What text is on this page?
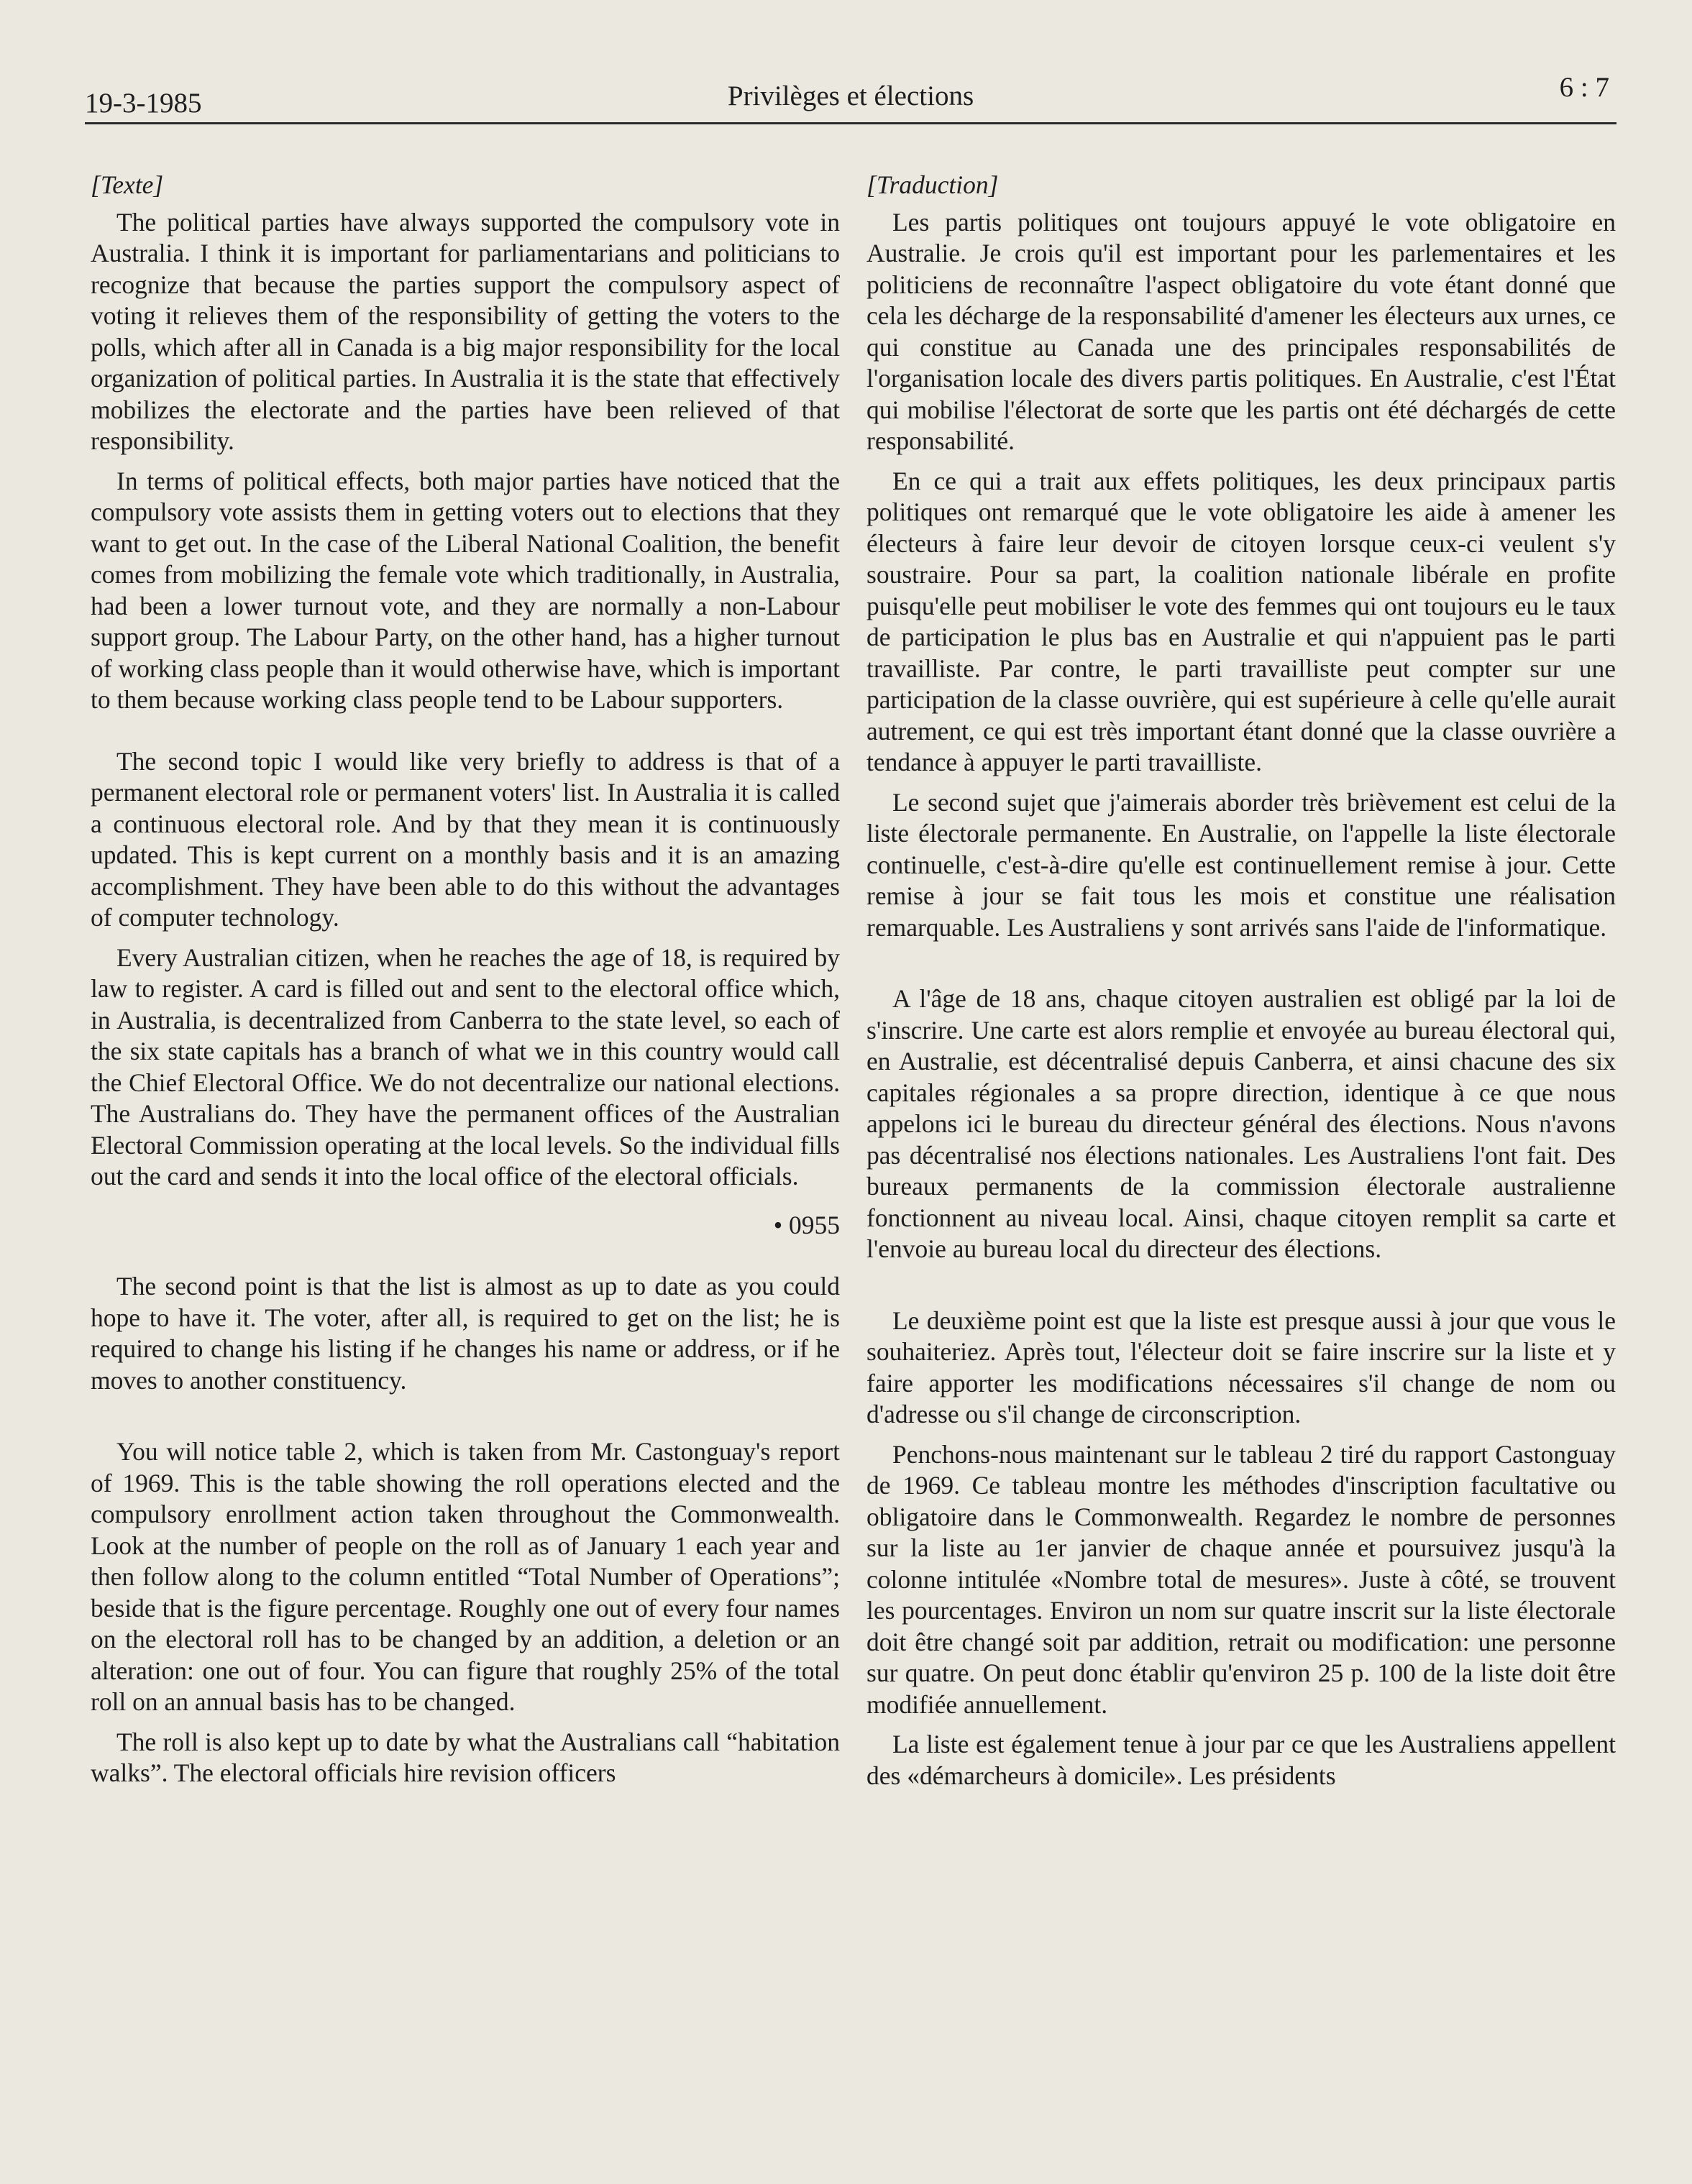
19-3-1985	Privilèges et élections	6 : 7
[Texte]

The political parties have always supported the compulsory vote in Australia. I think it is important for parliamentarians and politicians to recognize that because the parties support the compulsory aspect of voting it relieves them of the responsibility of getting the voters to the polls, which after all in Canada is a big major responsibility for the local organization of political parties. In Australia it is the state that effectively mobilizes the electorate and the parties have been relieved of that responsibility.

In terms of political effects, both major parties have noticed that the compulsory vote assists them in getting voters out to elections that they want to get out. In the case of the Liberal National Coalition, the benefit comes from mobilizing the female vote which traditionally, in Australia, had been a lower turnout vote, and they are normally a non-Labour support group. The Labour Party, on the other hand, has a higher turnout of working class people than it would otherwise have, which is important to them because working class people tend to be Labour supporters.

The second topic I would like very briefly to address is that of a permanent electoral role or permanent voters' list. In Australia it is called a continuous electoral role. And by that they mean it is continuously updated. This is kept current on a monthly basis and it is an amazing accomplishment. They have been able to do this without the advantages of computer technology.

Every Australian citizen, when he reaches the age of 18, is required by law to register. A card is filled out and sent to the electoral office which, in Australia, is decentralized from Canberra to the state level, so each of the six state capitals has a branch of what we in this country would call the Chief Electoral Office. We do not decentralize our national elections. The Australians do. They have the permanent offices of the Australian Electoral Commission operating at the local levels. So the individual fills out the card and sends it into the local office of the electoral officials.

• 0955

The second point is that the list is almost as up to date as you could hope to have it. The voter, after all, is required to get on the list; he is required to change his listing if he changes his name or address, or if he moves to another constituency.

You will notice table 2, which is taken from Mr. Castonguay's report of 1969. This is the table showing the roll operations elected and the compulsory enrollment action taken throughout the Commonwealth. Look at the number of people on the roll as of January 1 each year and then follow along to the column entitled “Total Number of Operations”; beside that is the figure percentage. Roughly one out of every four names on the electoral roll has to be changed by an addition, a deletion or an alteration: one out of four. You can figure that roughly 25% of the total roll on an annual basis has to be changed.

The roll is also kept up to date by what the Australians call “habitation walks”. The electoral officials hire revision officers

[Traduction]

Les partis politiques ont toujours appuyé le vote obligatoire en Australie. Je crois qu'il est important pour les parlementaires et les politiciens de reconnaître l'aspect obligatoire du vote étant donné que cela les décharge de la responsabilité d'amener les électeurs aux urnes, ce qui constitue au Canada une des principales responsabilités de l'organisation locale des divers partis politiques. En Australie, c'est l'État qui mobilise l'électorat de sorte que les partis ont été déchargés de cette responsabilité.

En ce qui a trait aux effets politiques, les deux principaux partis politiques ont remarqué que le vote obligatoire les aide à amener les électeurs à faire leur devoir de citoyen lorsque ceux-ci veulent s'y soustraire. Pour sa part, la coalition nationale libérale en profite puisqu'elle peut mobiliser le vote des femmes qui ont toujours eu le taux de participation le plus bas en Australie et qui n'appuient pas le parti travailliste. Par contre, le parti travailliste peut compter sur une participation de la classe ouvrière, qui est supérieure à celle qu'elle aurait autrement, ce qui est très important étant donné que la classe ouvrière a tendance à appuyer le parti travailliste.

Le second sujet que j'aimerais aborder très brièvement est celui de la liste électorale permanente. En Australie, on l'appelle la liste électorale continuelle, c'est-à-dire qu'elle est continuellement remise à jour. Cette remise à jour se fait tous les mois et constitue une réalisation remarquable. Les Australiens y sont arrivés sans l'aide de l'informatique.

A l'âge de 18 ans, chaque citoyen australien est obligé par la loi de s'inscrire. Une carte est alors remplie et envoyée au bureau électoral qui, en Australie, est décentralisé depuis Canberra, et ainsi chacune des six capitales régionales a sa propre direction, identique à ce que nous appelons ici le bureau du directeur général des élections. Nous n'avons pas décentralisé nos élections nationales. Les Australiens l'ont fait. Des bureaux permanents de la commission électorale australienne fonctionnent au niveau local. Ainsi, chaque citoyen remplit sa carte et l'envoie au bureau local du directeur des élections.

Le deuxième point est que la liste est presque aussi à jour que vous le souhaiteriez. Après tout, l'électeur doit se faire inscrire sur la liste et y faire apporter les modifications nécessaires s'il change de nom ou d'adresse ou s'il change de circonscription.

Penchons-nous maintenant sur le tableau 2 tiré du rapport Castonguay de 1969. Ce tableau montre les méthodes d'inscription facultative ou obligatoire dans le Commonwealth. Regardez le nombre de personnes sur la liste au 1er janvier de chaque année et poursuivez jusqu'à la colonne intitulée «Nombre total de mesures». Juste à côté, se trouvent les pourcentages. Environ un nom sur quatre inscrit sur la liste électorale doit être changé soit par addition, retrait ou modification: une personne sur quatre. On peut donc établir qu'environ 25 p. 100 de la liste doit être modifiée annuellement.

La liste est également tenue à jour par ce que les Australiens appellent des «démarcheurs à domicile». Les présidents
